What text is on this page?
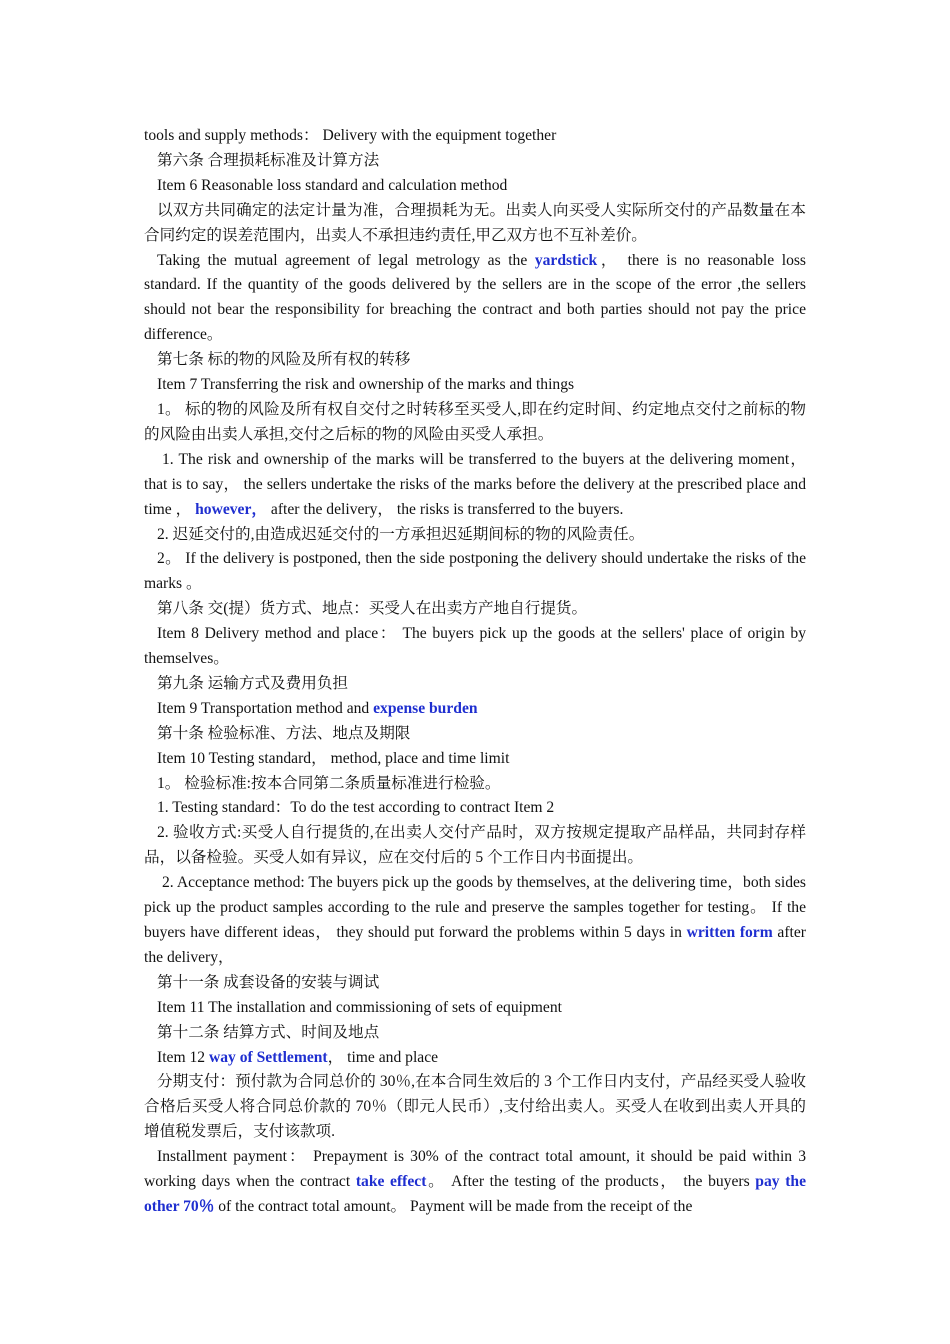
tools and supply methods： Delivery with the equipment together

第六条 合理损耗标准及计算方法

Item 6 Reasonable loss standard and calculation method

以双方共同确定的法定计量为准，合理损耗为无。出卖人向买受人实际所交付的产品数量在本合同约定的误差范围内，出卖人不承担违约责任,甲乙双方也不互补差价。

Taking the mutual agreement of legal metrology as the yardstick， there is no reasonable loss standard. If the quantity of the goods delivered by the sellers are in the scope of the error ,the sellers should not bear the responsibility for breaching the contract and both parties should not pay the price difference。

第七条 标的物的风险及所有权的转移

Item 7 Transferring the risk and ownership of the marks and things

1。 标的物的风险及所有权自交付之时转移至买受人,即在约定时间、约定地点交付之前标的物的风险由出卖人承担,交付之后标的物的风险由买受人承担。

1. The risk and ownership of the marks will be transferred to the buyers at the delivering moment， that is to say， the sellers undertake the risks of the marks before the delivery at the prescribed place and time ， however， after the delivery， the risks is transferred to the buyers.

2. 迟延交付的,由造成迟延交付的一方承担迟延期间标的物的风险责任。

2。 If the delivery is postponed, then the side postponing the delivery should undertake the risks of the marks 。

第八条 交(提）货方式、地点：买受人在出卖方产地自行提货。

Item 8 Delivery method and place： The buyers pick up the goods at the sellers' place of origin by themselves。

第九条 运输方式及费用负担

Item 9 Transportation method and expense burden

第十条 检验标准、方法、地点及期限

Item 10 Testing standard， method, place and time limit

1。 检验标准:按本合同第二条质量标准进行检验。

1. Testing standard：To do the test according to contract Item 2

2. 验收方式:买受人自行提货的,在出卖人交付产品时，双方按规定提取产品样品，共同封存样品，以备检验。买受人如有异议，应在交付后的 5 个工作日内书面提出。

2. Acceptance method: The buyers pick up the goods by themselves, at the delivering time，both sides pick up the product samples according to the rule and preserve the samples together for testing。 If the buyers have different ideas， they should put forward the problems within 5 days in written form after the delivery，

第十一条 成套设备的安装与调试

Item 11 The installation and commissioning of sets of equipment

第十二条 结算方式、时间及地点

Item 12 way of Settlement， time and place

分期支付：预付款为合同总价的 30％,在本合同生效后的 3 个工作日内支付，产品经买受人验收合格后买受人将合同总价款的 70％（即元人民币）,支付给出卖人。买受人在收到出卖人开具的增值税发票后，支付该款项.

Installment payment： Prepayment is 30% of the contract total amount, it should be paid within 3 working days when the contract take effect。 After the testing of the products， the buyers pay the other 70％ of the contract total amount。 Payment will be made from the receipt of the
